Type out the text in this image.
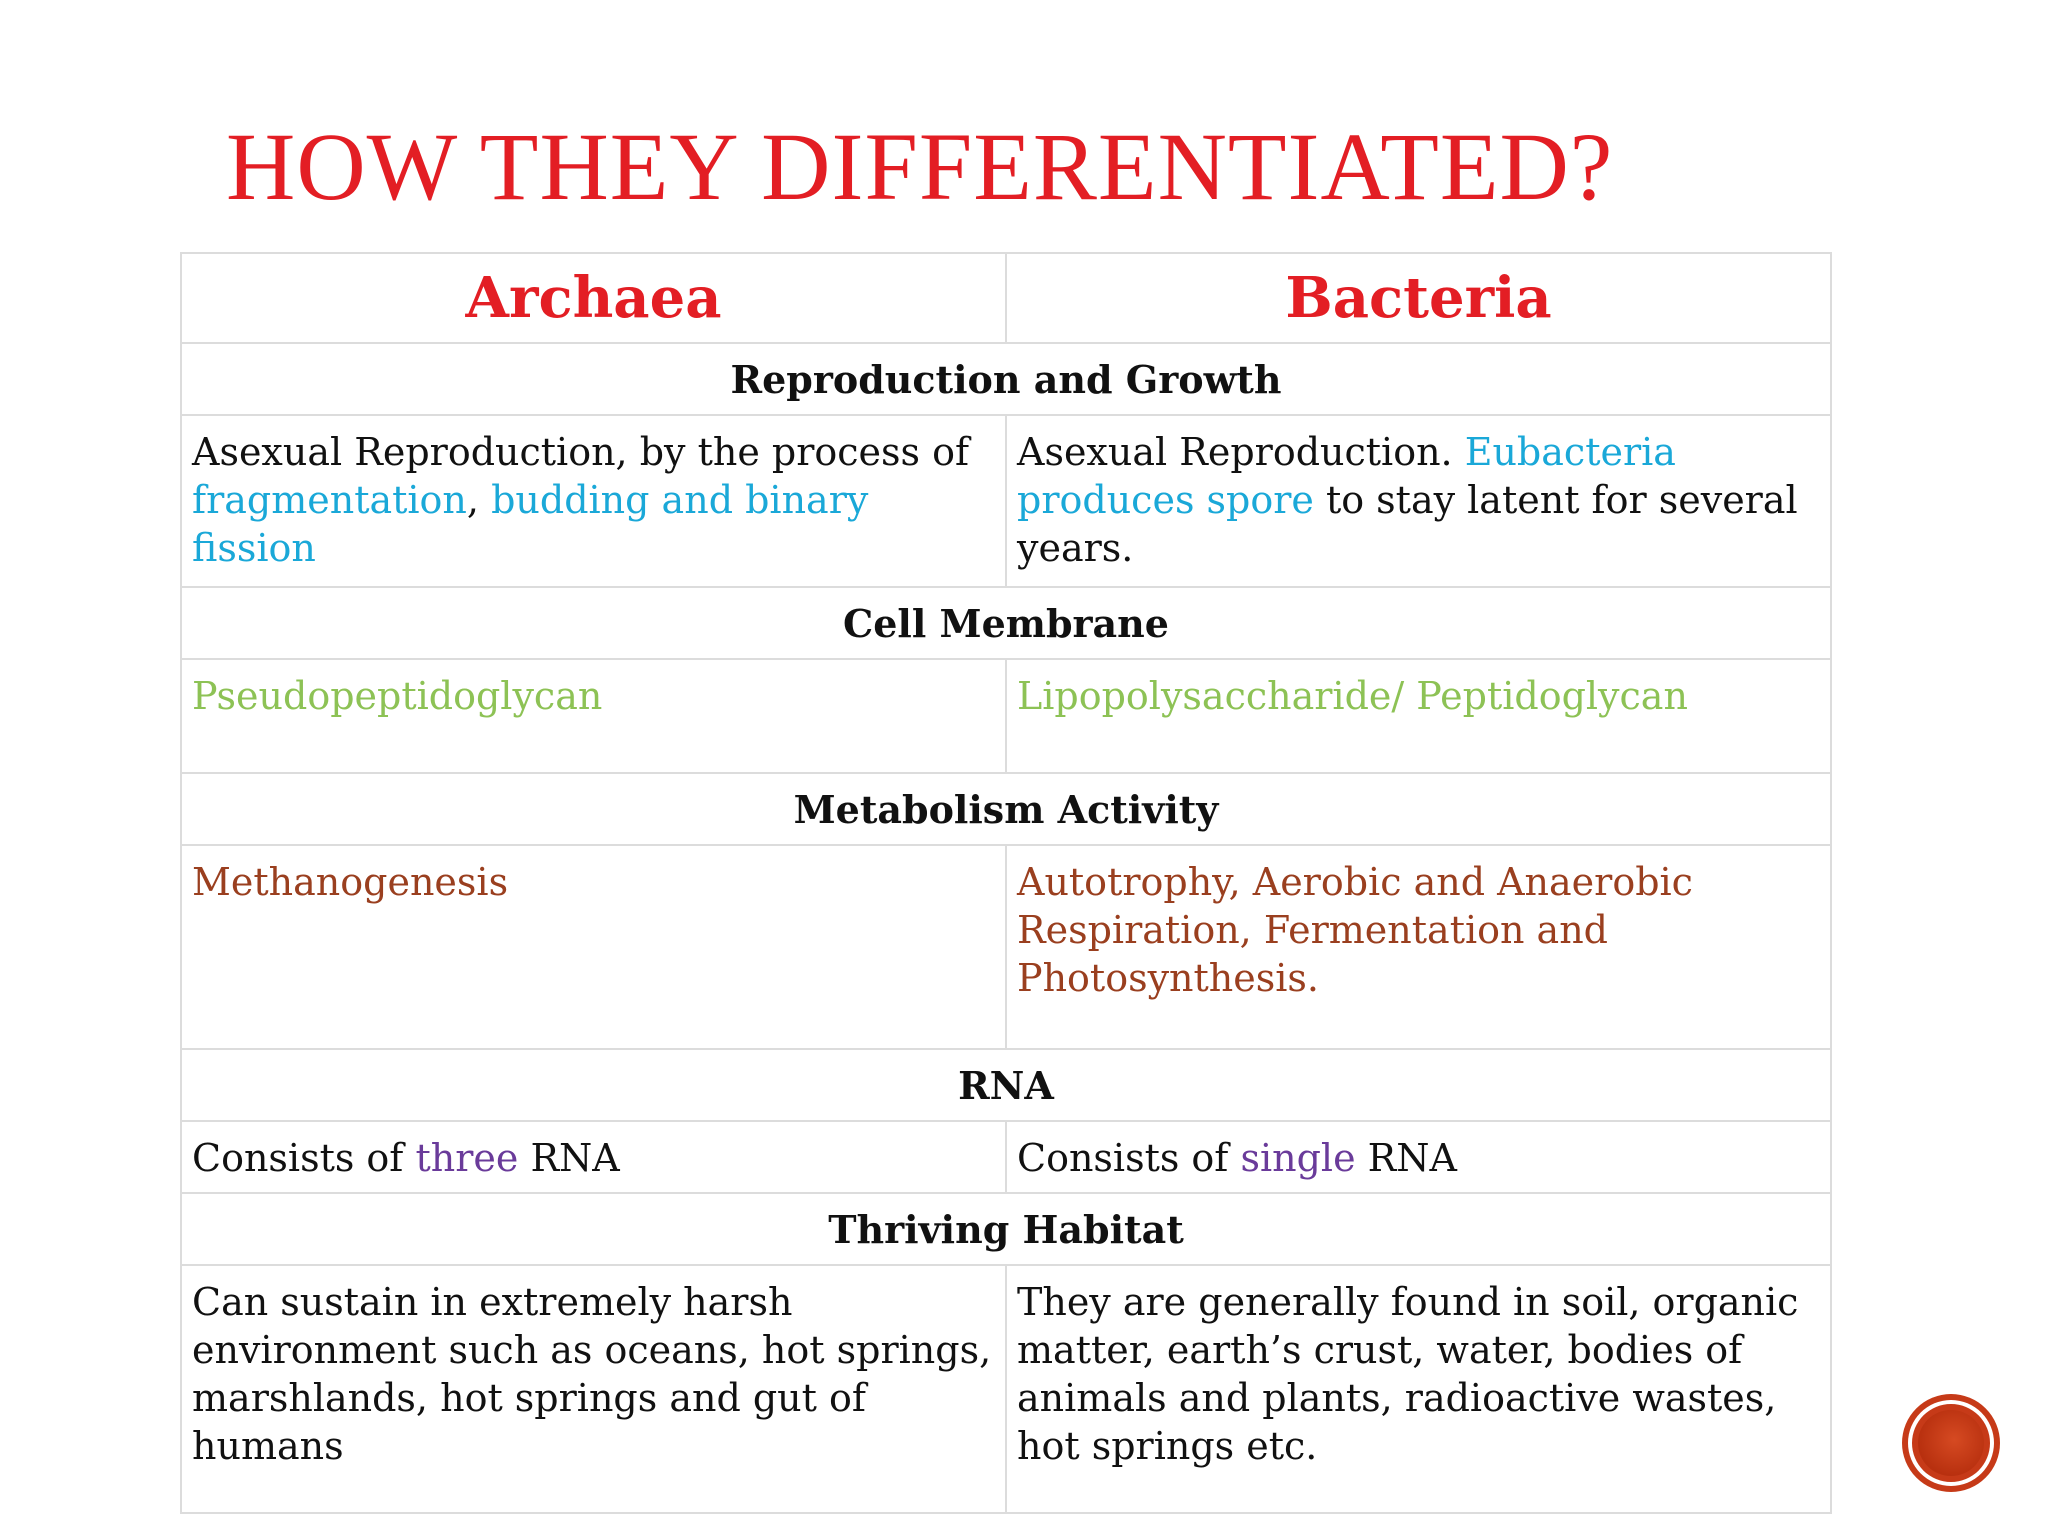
HOW THEY DIFFERENTIATED?
Archaea	Bacteria
Reproduction and Growth	
Asexual Reproduction, by the process of fragmentation, budding and binary fission	Asexual Reproduction. Eubacteria produces spore to stay latent for several years.
Cell Membrane	
Pseudopeptidoglycan	Lipopolysaccharide/ Peptidoglycan
Metabolism Activity	
Methanogenesis	Autotrophy, Aerobic and Anaerobic Respiration, Fermentation and Photosynthesis.
RNA	
Consists of three RNA	Consists of single RNA
Thriving Habitat	
Can sustain in extremely harsh environment such as oceans, hot springs, marshlands, hot springs and gut of humans	They are generally found in soil, organic matter, earth’s crust, water, bodies of animals and plants, radioactive wastes, hot springs etc.
